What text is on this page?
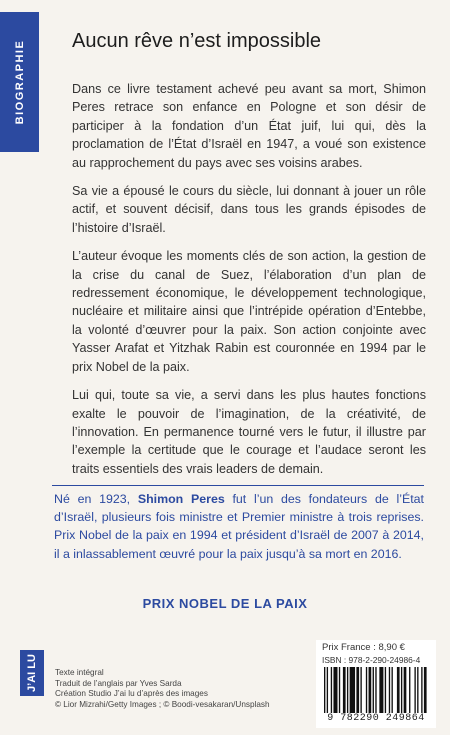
BIOGRAPHIE Aucun rêve n’est impossible

Dans ce livre testament achevé peu avant sa mort, Shimon Peres retrace son enfance en Pologne et son désir de participer à la fondation d’un État juif, lui qui, dès la proclamation de l’État d’Israël en 1947, a voué son existence au rapprochement du pays avec ses voisins arabes.

Sa vie a épousé le cours du siècle, lui donnant à jouer un rôle actif, et souvent décisif, dans tous les grands épisodes de l’histoire d’Israël.

L’auteur évoque les moments clés de son action, la gestion de la crise du canal de Suez, l’élaboration d’un plan de redressement économique, le développement technologique, nucléaire et militaire ainsi que l’intrépide opération d’Entebbe, la volonté d’œuvrer pour la paix. Son action conjointe avec Yasser Arafat et Yitzhak Rabin est couronnée en 1994 par le prix Nobel de la paix.

Lui qui, toute sa vie, a servi dans les plus hautes fonctions exalte le pouvoir de l’imagination, de la créativité, de l’innovation. En permanence tourné vers le futur, il illustre par l’exemple la certitude que le courage et l’audace seront les traits essentiels des vrais leaders de demain.

Né en 1923, Shimon Peres fut l’un des fondateurs de l’État d’Israël, plusieurs fois ministre et Premier ministre à trois reprises. Prix Nobel de la paix en 1994 et président d’Israël de 2007 à 2014, il a inlassablement œuvré pour la paix jusqu’à sa mort en 2016.

PRIX NOBEL DE LA PAIX
J’AI LU Texte intégral
Traduit de l’anglais par Yves Sarda
Création Studio J’ai lu d’après des images
© Lior Mizrahi/Getty Images ; © Boodi-vesakaran/Unsplash
Prix France : 8,90 €
ISBN : 978-2-290-24986-4
9 782290 249864
